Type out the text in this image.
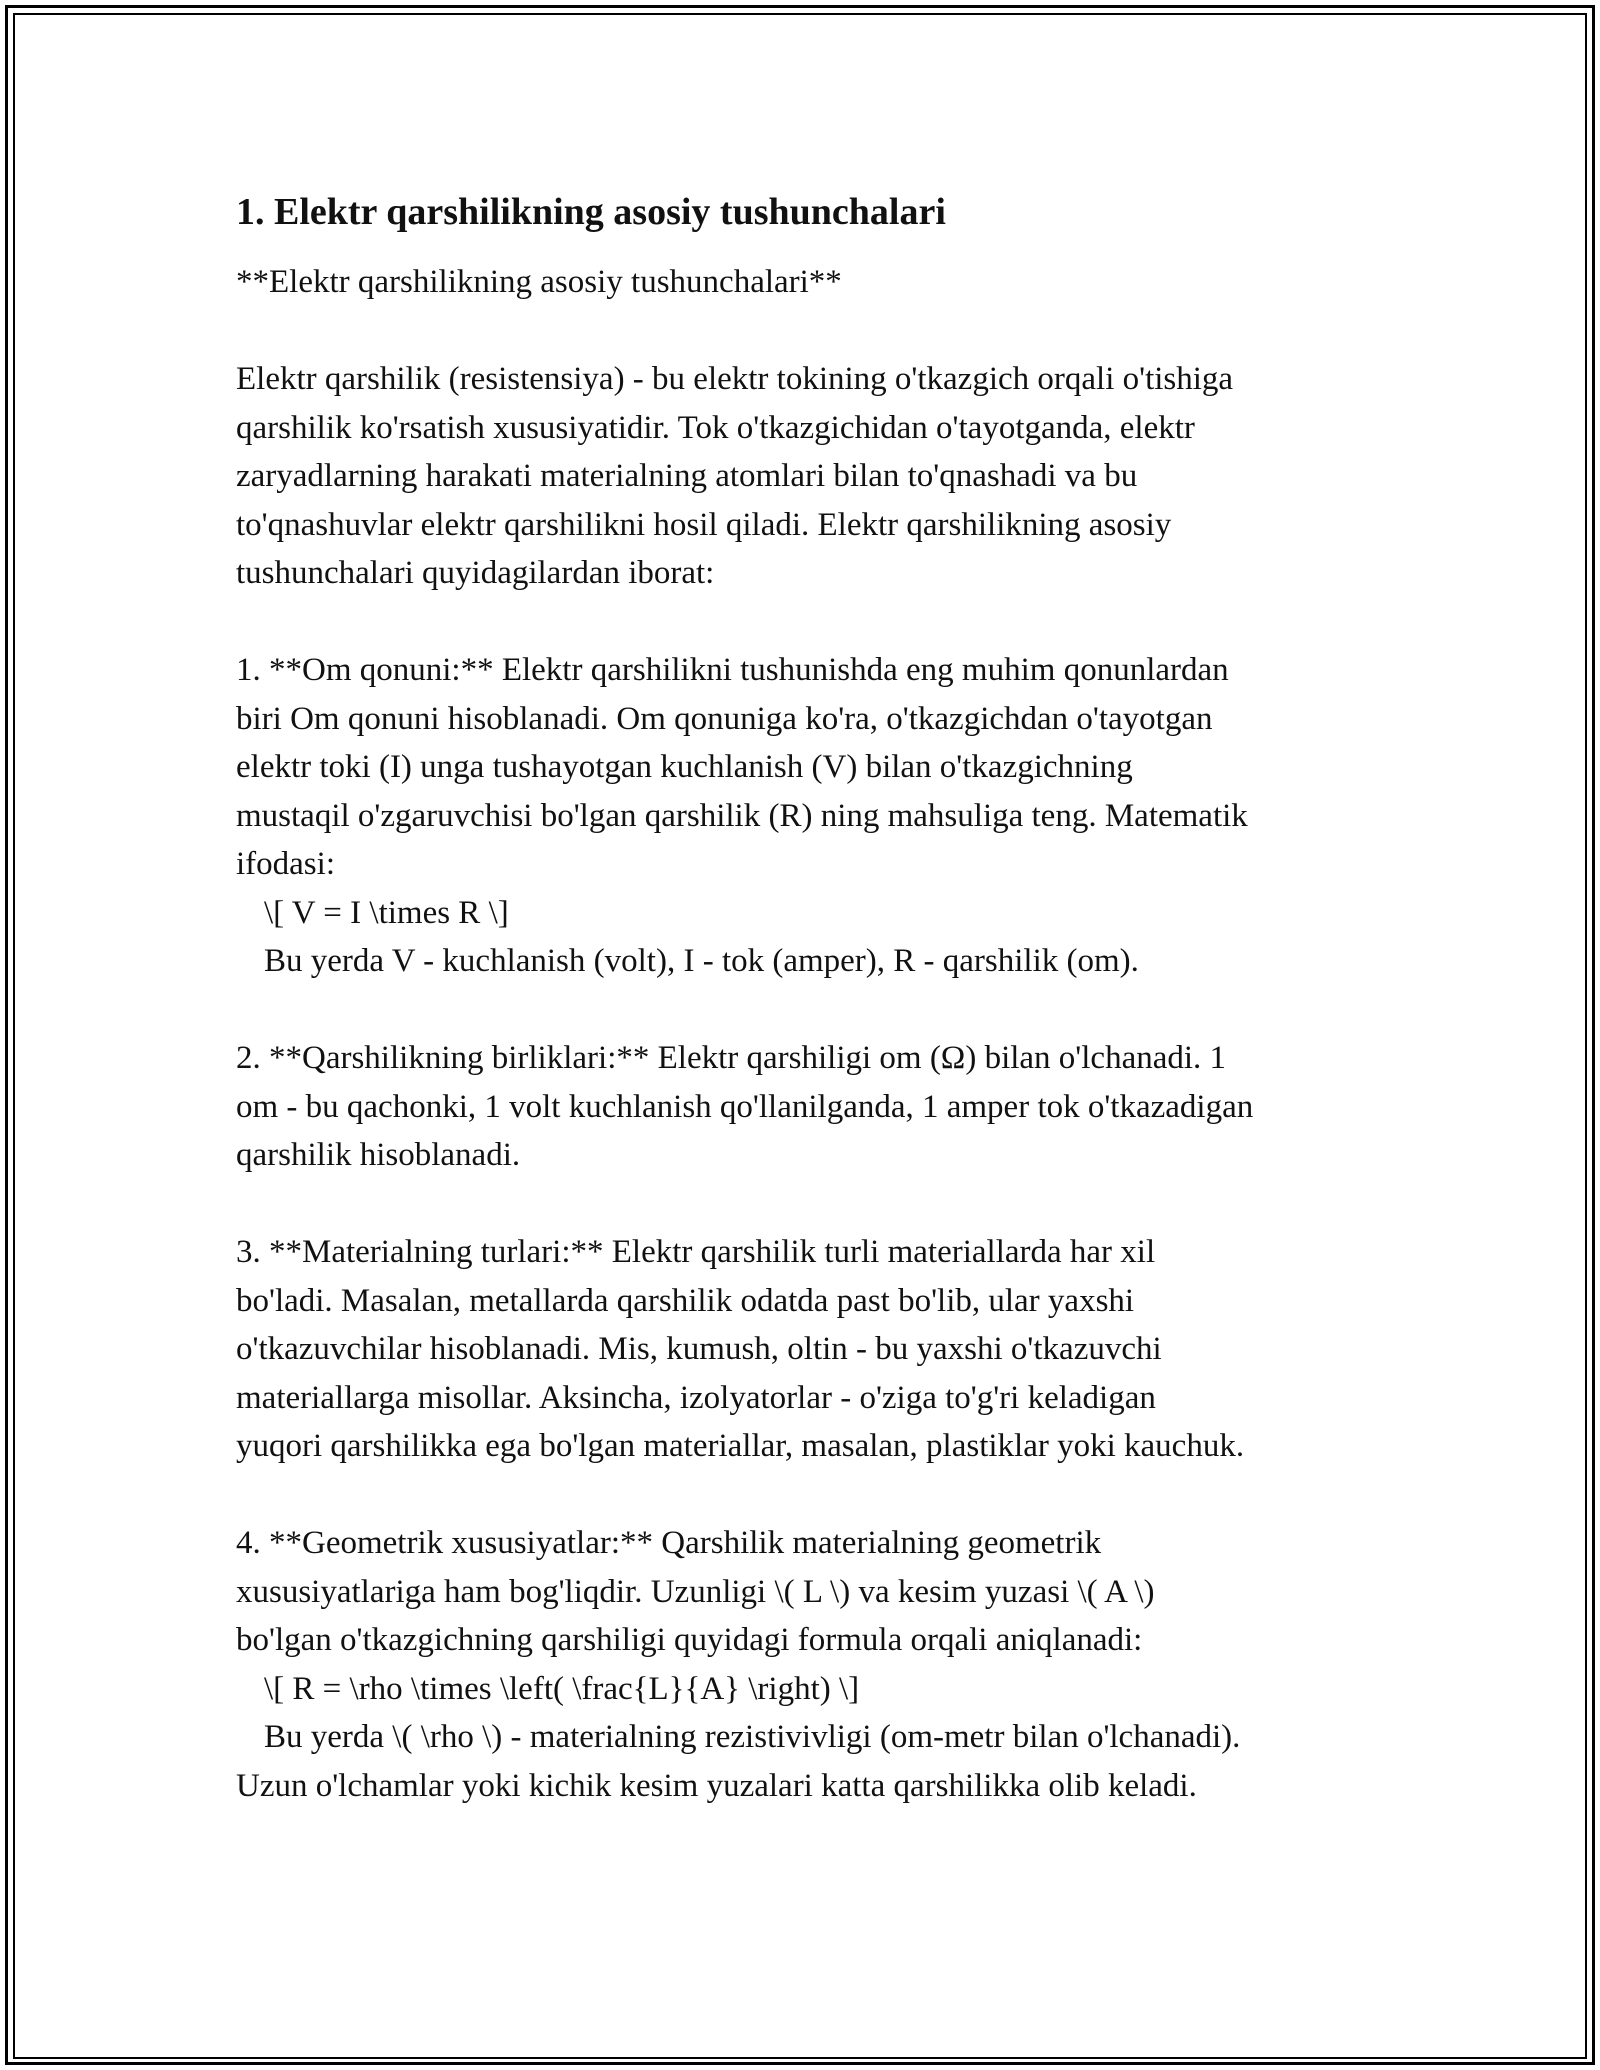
1. Elektr qarshilikning asosiy tushunchalari

**Elektr qarshilikning asosiy tushunchalari**

Elektr qarshilik (resistensiya) - bu elektr tokining o'tkazgich orqali o'tishiga
qarshilik ko'rsatish xususiyatidir. Tok o'tkazgichidan o'tayotganda, elektr
zaryadlarning harakati materialning atomlari bilan to'qnashadi va bu
to'qnashuvlar elektr qarshilikni hosil qiladi. Elektr qarshilikning asosiy
tushunchalari quyidagilardan iborat:

1. **Om qonuni:** Elektr qarshilikni tushunishda eng muhim qonunlardan
biri Om qonuni hisoblanadi. Om qonuniga ko'ra, o'tkazgichdan o'tayotgan
elektr toki (I) unga tushayotgan kuchlanish (V) bilan o'tkazgichning
mustaqil o'zgaruvchisi bo'lgan qarshilik (R) ning mahsuliga teng. Matematik
ifodasi:
\[ V = I \times R \]
Bu yerda V - kuchlanish (volt), I - tok (amper), R - qarshilik (om).

2. **Qarshilikning birliklari:** Elektr qarshiligi om (Ω) bilan o'lchanadi. 1
om - bu qachonki, 1 volt kuchlanish qo'llanilganda, 1 amper tok o'tkazadigan
qarshilik hisoblanadi.

3. **Materialning turlari:** Elektr qarshilik turli materiallarda har xil
bo'ladi. Masalan, metallarda qarshilik odatda past bo'lib, ular yaxshi
o'tkazuvchilar hisoblanadi. Mis, kumush, oltin - bu yaxshi o'tkazuvchi
materiallarga misollar. Aksincha, izolyatorlar - o'ziga to'g'ri keladigan
yuqori qarshilikka ega bo'lgan materiallar, masalan, plastiklar yoki kauchuk.

4. **Geometrik xususiyatlar:** Qarshilik materialning geometrik
xususiyatlariga ham bog'liqdir. Uzunligi \( L \) va kesim yuzasi \( A \)
bo'lgan o'tkazgichning qarshiligi quyidagi formula orqali aniqlanadi:
\[ R = \rho \times \left( \frac{L}{A} \right) \]
Bu yerda \( \rho \) - materialning rezistivivligi (om-metr bilan o'lchanadi).
Uzun o'lchamlar yoki kichik kesim yuzalari katta qarshilikka olib keladi.
